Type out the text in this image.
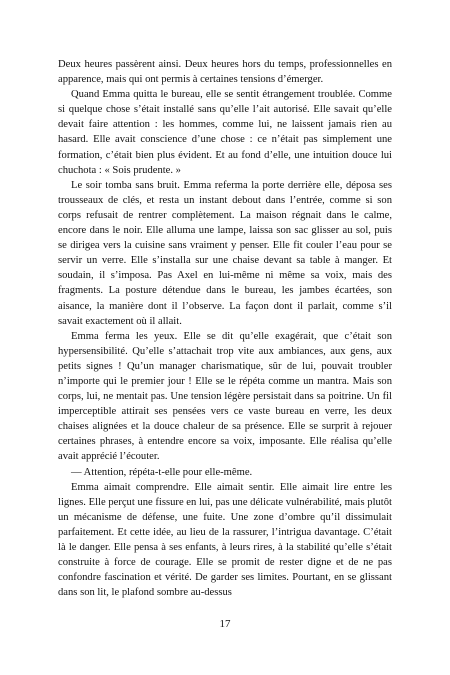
Deux heures passèrent ainsi. Deux heures hors du temps, professionnelles en apparence, mais qui ont permis à certaines tensions d’émerger.

Quand Emma quitta le bureau, elle se sentit étrangement troublée. Comme si quelque chose s’était installé sans qu’elle l’ait autorisé. Elle savait qu’elle devait faire attention : les hommes, comme lui, ne laissent jamais rien au hasard. Elle avait conscience d’une chose : ce n’était pas simplement une formation, c’était bien plus évident. Et au fond d’elle, une intuition douce lui chuchota : « Sois prudente. »

Le soir tomba sans bruit. Emma referma la porte derrière elle, déposa ses trousseaux de clés, et resta un instant debout dans l’entrée, comme si son corps refusait de rentrer complètement. La maison régnait dans le calme, encore dans le noir. Elle alluma une lampe, laissa son sac glisser au sol, puis se dirigea vers la cuisine sans vraiment y penser. Elle fit couler l’eau pour se servir un verre. Elle s’installa sur une chaise devant sa table à manger. Et soudain, il s’imposa. Pas Axel en lui-même ni même sa voix, mais des fragments. La posture détendue dans le bureau, les jambes écartées, son aisance, la manière dont il l’observe. La façon dont il parlait, comme s’il savait exactement où il allait.

Emma ferma les yeux. Elle se dit qu’elle exagérait, que c’était son hypersensibilité. Qu’elle s’attachait trop vite aux ambiances, aux gens, aux petits signes ! Qu’un manager charismatique, sûr de lui, pouvait troubler n’importe qui le premier jour ! Elle se le répéta comme un mantra. Mais son corps, lui, ne mentait pas. Une tension légère persistait dans sa poitrine. Un fil imperceptible attirait ses pensées vers ce vaste bureau en verre, les deux chaises alignées et la douce chaleur de sa présence. Elle se surprit à rejouer certaines phrases, à entendre encore sa voix, imposante. Elle réalisa qu’elle avait apprécié l’écouter.

— Attention, répéta-t-elle pour elle-même.

Emma aimait comprendre. Elle aimait sentir. Elle aimait lire entre les lignes. Elle perçut une fissure en lui, pas une délicate vulnérabilité, mais plutôt un mécanisme de défense, une fuite. Une zone d’ombre qu’il dissimulait parfaitement. Et cette idée, au lieu de la rassurer, l’intrigua davantage. C’était là le danger. Elle pensa à ses enfants, à leurs rires, à la stabilité qu’elle s’était construite à force de courage. Elle se promit de rester digne et de ne pas confondre fascination et vérité. De garder ses limites. Pourtant, en se glissant dans son lit, le plafond sombre au-dessus

17
